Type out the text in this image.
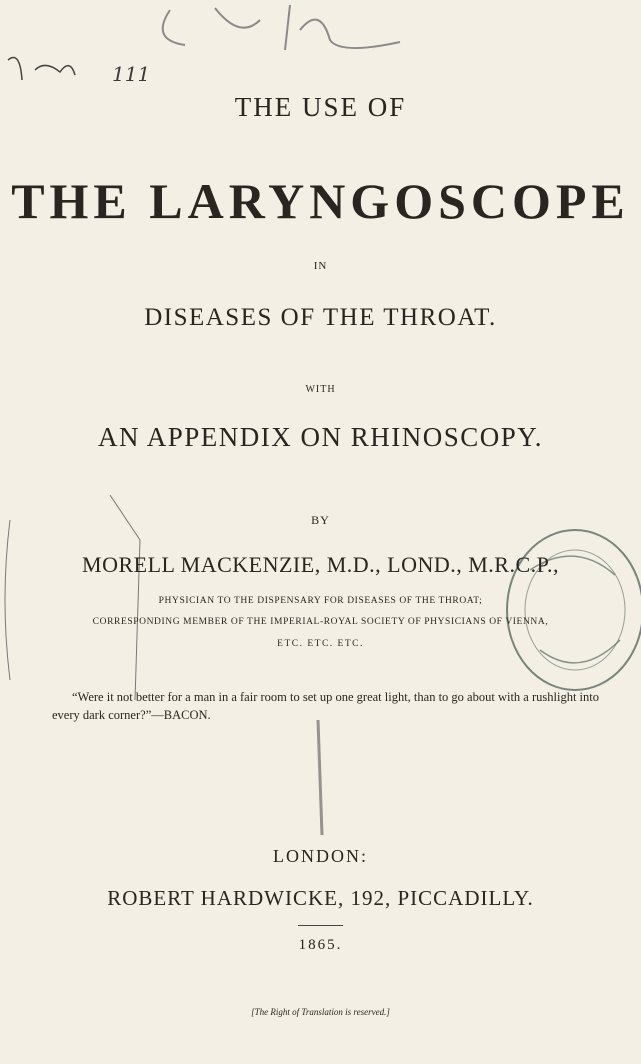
111
THE USE OF
THE LARYNGOSCOPE
IN
DISEASES OF THE THROAT.
WITH
AN APPENDIX ON RHINOSCOPY.
BY
MORELL MACKENZIE, M.D., LOND., M.R.C.P.,
PHYSICIAN TO THE DISPENSARY FOR DISEASES OF THE THROAT;
CORRESPONDING MEMBER OF THE IMPERIAL-ROYAL SOCIETY OF PHYSICIANS OF VIENNA,
ETC. ETC. ETC.
“Were it not better for a man in a fair room to set up one great light, than to go about with a rushlight into every dark corner?”—BACON.
LONDON:
ROBERT HARDWICKE, 192, PICCADILLY.
1865.
[The Right of Translation is reserved.]
